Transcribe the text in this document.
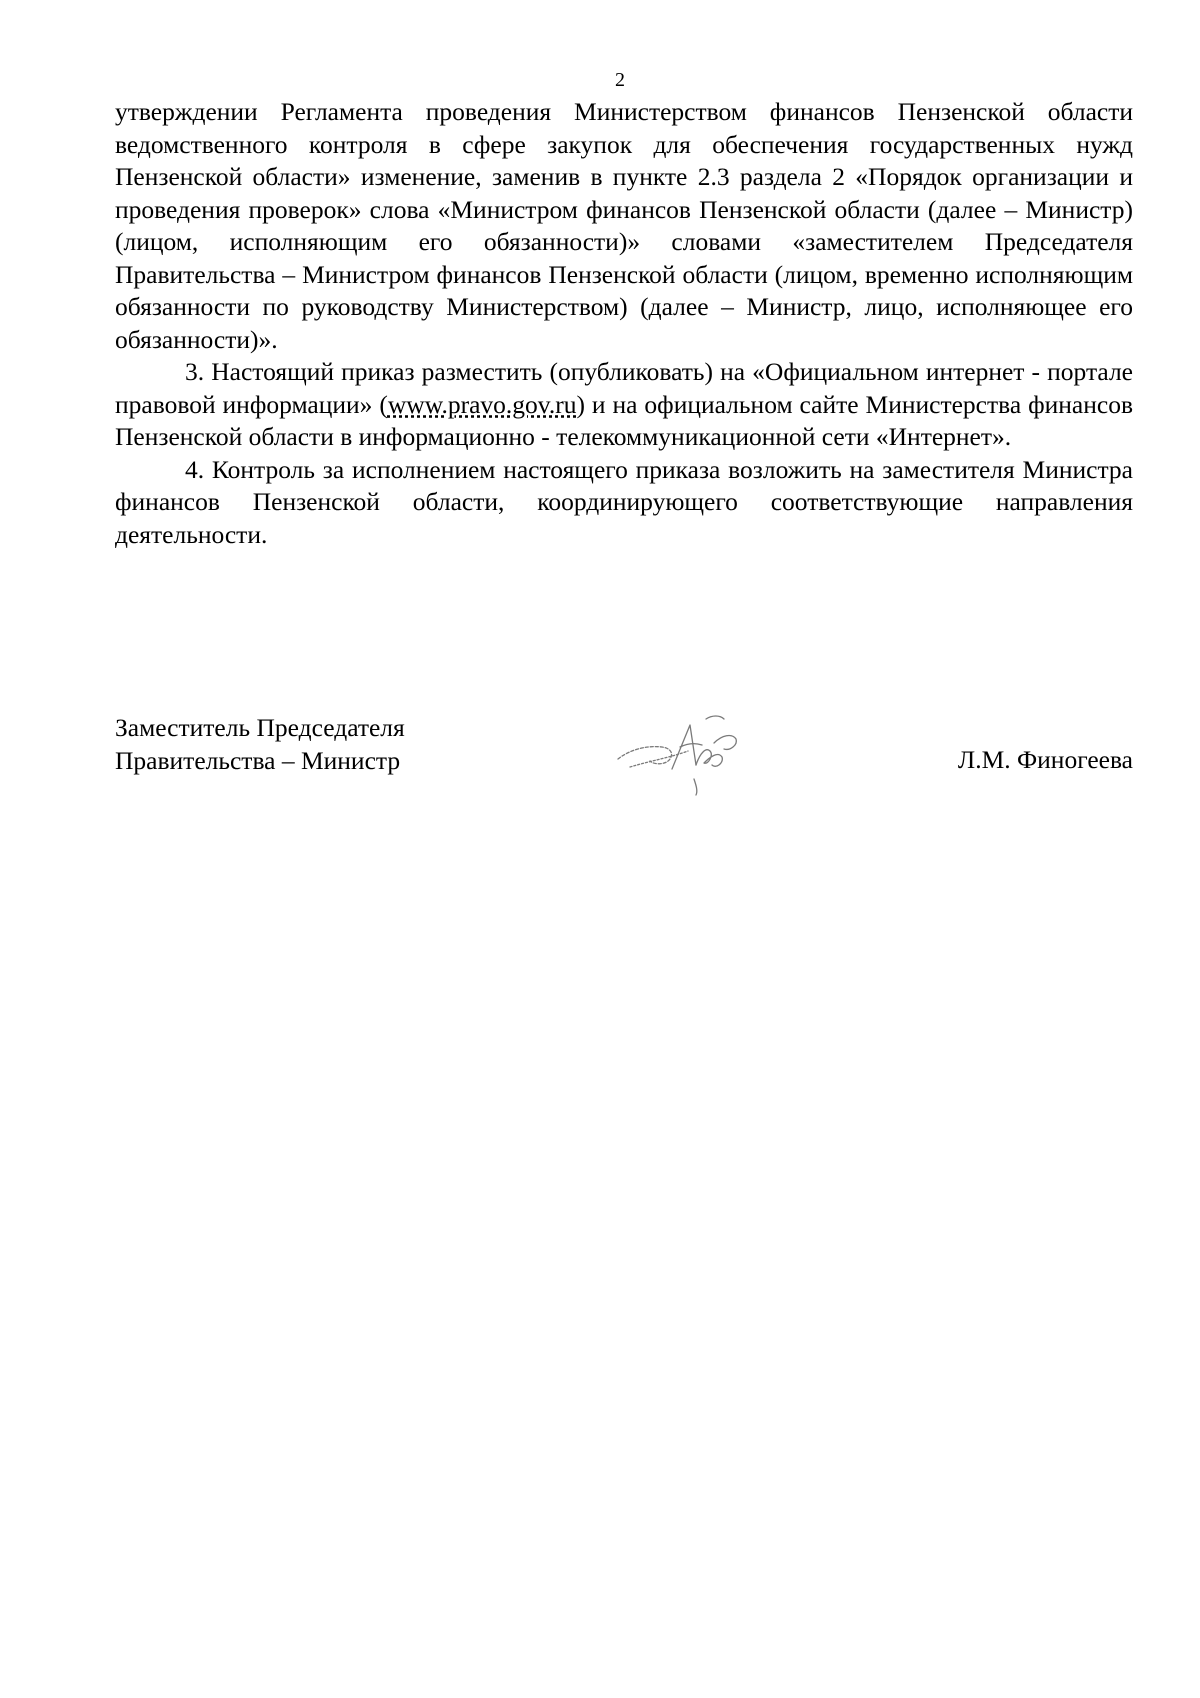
2

утверждении Регламента проведения Министерством финансов Пензенской области ведомственного контроля в сфере закупок для обеспечения государственных нужд Пензенской области» изменение, заменив в пункте 2.3 раздела 2 «Порядок организации и проведения проверок» слова «Министром финансов Пензенской области (далее – Министр) (лицом, исполняющим его обязанности)» словами «заместителем Председателя Правительства – Министром финансов Пензенской области (лицом, временно исполняющим обязанности по руководству Министерством) (далее – Министр, лицо, исполняющее его обязанности)».

3. Настоящий приказ разместить (опубликовать) на «Официальном интернет - портале правовой информации» (www.pravo.gov.ru) и на официальном сайте Министерства финансов Пензенской области в информационно - телекоммуникационной сети «Интернет».

4. Контроль за исполнением настоящего приказа возложить на заместителя Министра финансов Пензенской области, координирующего соответствующие направления деятельности.

Заместитель Председателя
Правительства – Министр	Л.М. Финогеева
